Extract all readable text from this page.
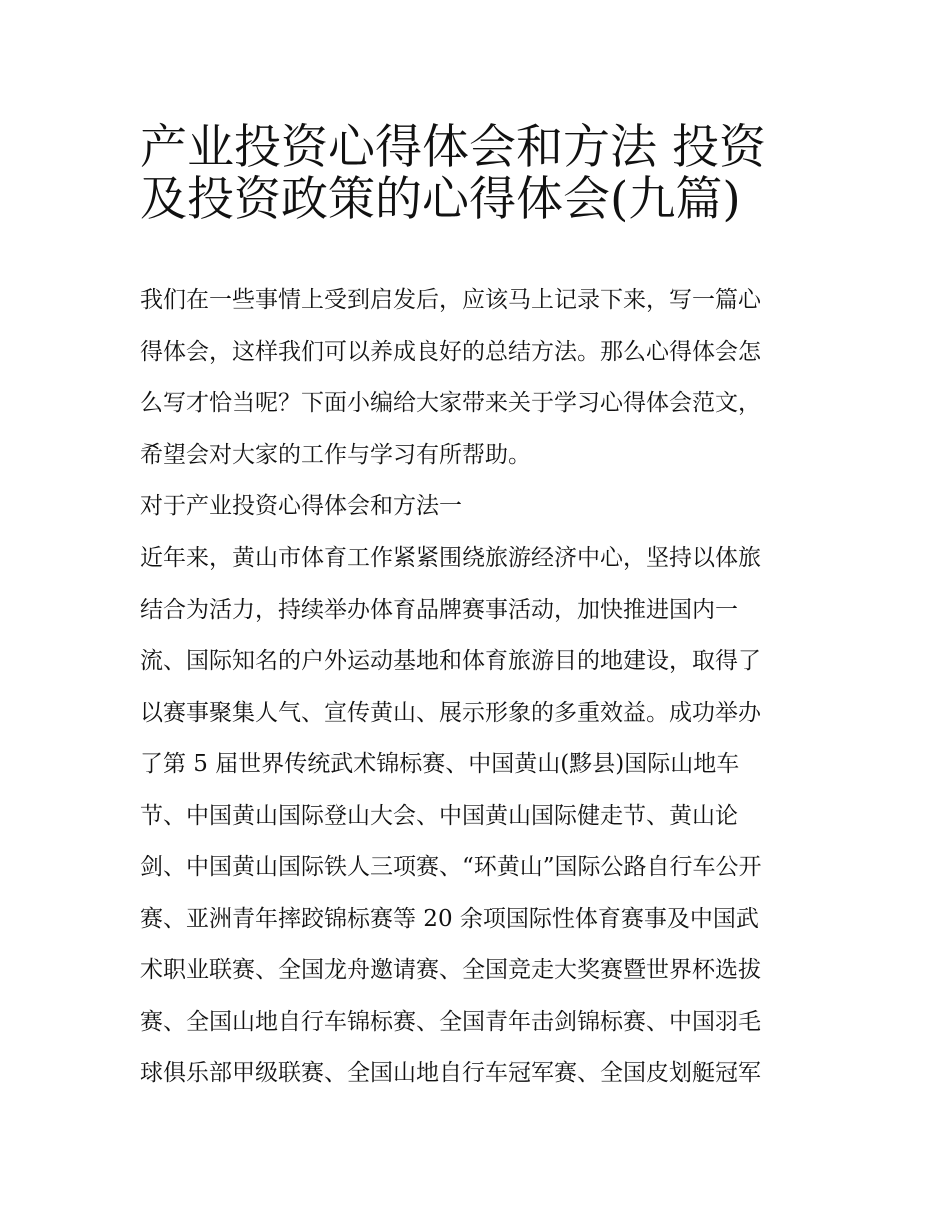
产业投资心得体会和方法 投资
及投资政策的心得体会(九篇)

我们在一些事情上受到启发后，应该马上记录下来，写一篇心
得体会，这样我们可以养成良好的总结方法。那么心得体会怎
么写才恰当呢？下面小编给大家带来关于学习心得体会范文，
希望会对大家的工作与学习有所帮助。

对于产业投资心得体会和方法一

近年来，黄山市体育工作紧紧围绕旅游经济中心，坚持以体旅
结合为活力，持续举办体育品牌赛事活动，加快推进国内一
流、国际知名的户外运动基地和体育旅游目的地建设，取得了
以赛事聚集人气、宣传黄山、展示形象的多重效益。成功举办
了第 5 届世界传统武术锦标赛、中国黄山(黟县)国际山地车
节、中国黄山国际登山大会、中国黄山国际健走节、黄山论
剑、中国黄山国际铁人三项赛、“环黄山”国际公路自行车公开
赛、亚洲青年摔跤锦标赛等 20 余项国际性体育赛事及中国武
术职业联赛、全国龙舟邀请赛、全国竞走大奖赛暨世界杯选拔
赛、全国山地自行车锦标赛、全国青年击剑锦标赛、中国羽毛
球俱乐部甲级联赛、全国山地自行车冠军赛、全国皮划艇冠军
